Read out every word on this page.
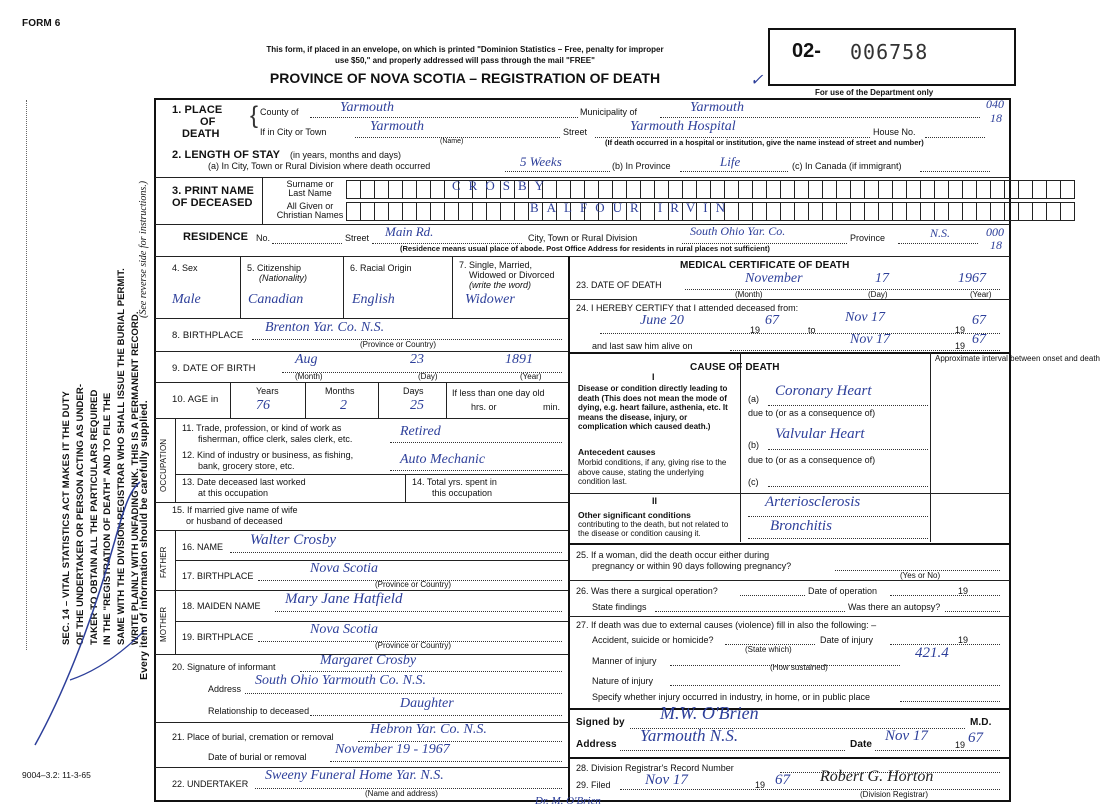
FORM 6
This form, if placed in an envelope, on which is printed "Dominion Statistics – Free, penalty for improper
use $50," and properly addressed will pass through the mail "FREE"
PROVINCE OF NOVA SCOTIA – REGISTRATION OF DEATH	✓
02- 006758
For use of the Department only
040
18
000
18
SEC. 14 – VITAL STATISTICS ACT MAKES IT THE DUTY OF THE UNDERTAKER OR PERSON ACTING AS UNDER- TAKER TO OBTAIN ALL THE PARTICULARS REQUIRED IN THE "REGISTRATION OF DEATH" AND TO FILE THE SAME WITH THE DIVISION REGISTRAR WHO SHALL ISSUE THE BURIAL PERMIT. WRITE PLAINLY WITH UNFADING INK. THIS IS A PERMANENT RECORD.
(See reverse side for instructions.)
Every item of information should be carefully supplied.
1. PLACE
OF
DEATH
{ County of	Yarmouth	Municipality of	Yarmouth
If in City or Town	Yarmouth
(Name)
Street	Yarmouth Hospital	House No.
(If death occurred in a hospital or institution, give the name instead of street and number)
2. LENGTH OF STAY (in years, months and days)
(a) In City, Town or Rural Division where death occurred	5 Weeks	(b) In Province	Life	(c) In Canada (if immigrant)
3. PRINT NAME
OF DECEASED
Surname or
Last Name	CROSBY
All Given or
Christian Names	BALFOUR IRVIN
RESIDENCE No.	Street Main Rd.	City, Town or Rural Division	South Ohio Yar. Co.	Province	N.S.
(Residence means usual place of abode. Post Office Address for residents in rural places not sufficient)
4. Sex
Male
5. Citizenship
(Nationality)
Canadian
6. Racial Origin
English
7. Single, Married,
Widowed or Divorced
(write the word)
Widower
8. BIRTHPLACE
Brenton Yar. Co. N.S.
(Province or Country)
9. DATE OF BIRTH
Aug	23	1891
(Month)	(Day)	(Year)
10. AGE in
Years
76
Months
2
Days
25
If less than one day old
hrs. or	min.
OCCUPATION
11. Trade, profession, or kind of work as
fisherman, office clerk, sales clerk, etc.	Retired
12. Kind of industry or business, as fishing,
bank, grocery store, etc.	Auto Mechanic
13. Date deceased last worked
at this occupation
14. Total yrs. spent in
this occupation
15. If married give name of wife
or husband of deceased
FATHER 16. NAME Walter Crosby
17. BIRTHPLACE	Nova Scotia
(Province or Country)
MOTHER
18. MAIDEN NAME Mary Jane Hatfield
19. BIRTHPLACE	Nova Scotia
(Province or Country)
20. Signature of informant	Margaret Crosby
Address
South Ohio Yarmouth Co. N.S.
Relationship to deceased	Daughter
21. Place of burial, cremation or removal	Hebron Yar. Co. N.S.
Date of burial or removal November 19 - 1967
22. UNDERTAKER
Sweeny Funeral Home Yar. N.S.
(Name and address)
MEDICAL CERTIFICATE OF DEATH
23. DATE OF DEATH	November	17	1967
(Month)	(Day)	(Year)
24. I HEREBY CERTIFY that I attended deceased from:
June 20
19
67
to
Nov 17
19
67
and last saw him alive on	Nov 17	19 67
CAUSE OF DEATH
Approximate interval between onset and death
I
Disease or condition directly leading to death (This does not mean the mode of dying, e.g. heart failure, asthenia, etc. It means the disease, injury, or complication which caused death.)
(a) Coronary Heart
due to (or as a consequence of)
Antecedent causes
Morbid conditions, if any, giving rise to the above cause, stating the underlying condition last.
(b)
Valvular Heart
due to (or as a consequence of)
(c)
II
Other significant conditions
contributing to the death, but not related to the disease or condition causing it.
Arteriosclerosis
Bronchitis
25. If a woman, did the death occur either during
pregnancy or within 90 days following pregnancy?
(Yes or No)
26. Was there a surgical operation?	Date of operation	19
State findings	Was there an autopsy?
27. If death was due to external causes (violence) fill in also the following: –
Accident, suicide or homicide?
(State which)
Date of injury	19
421.4
Manner of injury
(How sustained)
Nature of injury
Specify whether injury occurred in industry, in home, or in public place
Signed by M.W. O'Brien	M.D.
Address Yarmouth N.S.	Date
Nov 17
19 67
28. Division Registrar's Record Number
29. Filed Nov 17	19 67 Robert G. Horton
(Division Registrar)
9004–3.2: 11-3-65
Dr. M. O'Brien
